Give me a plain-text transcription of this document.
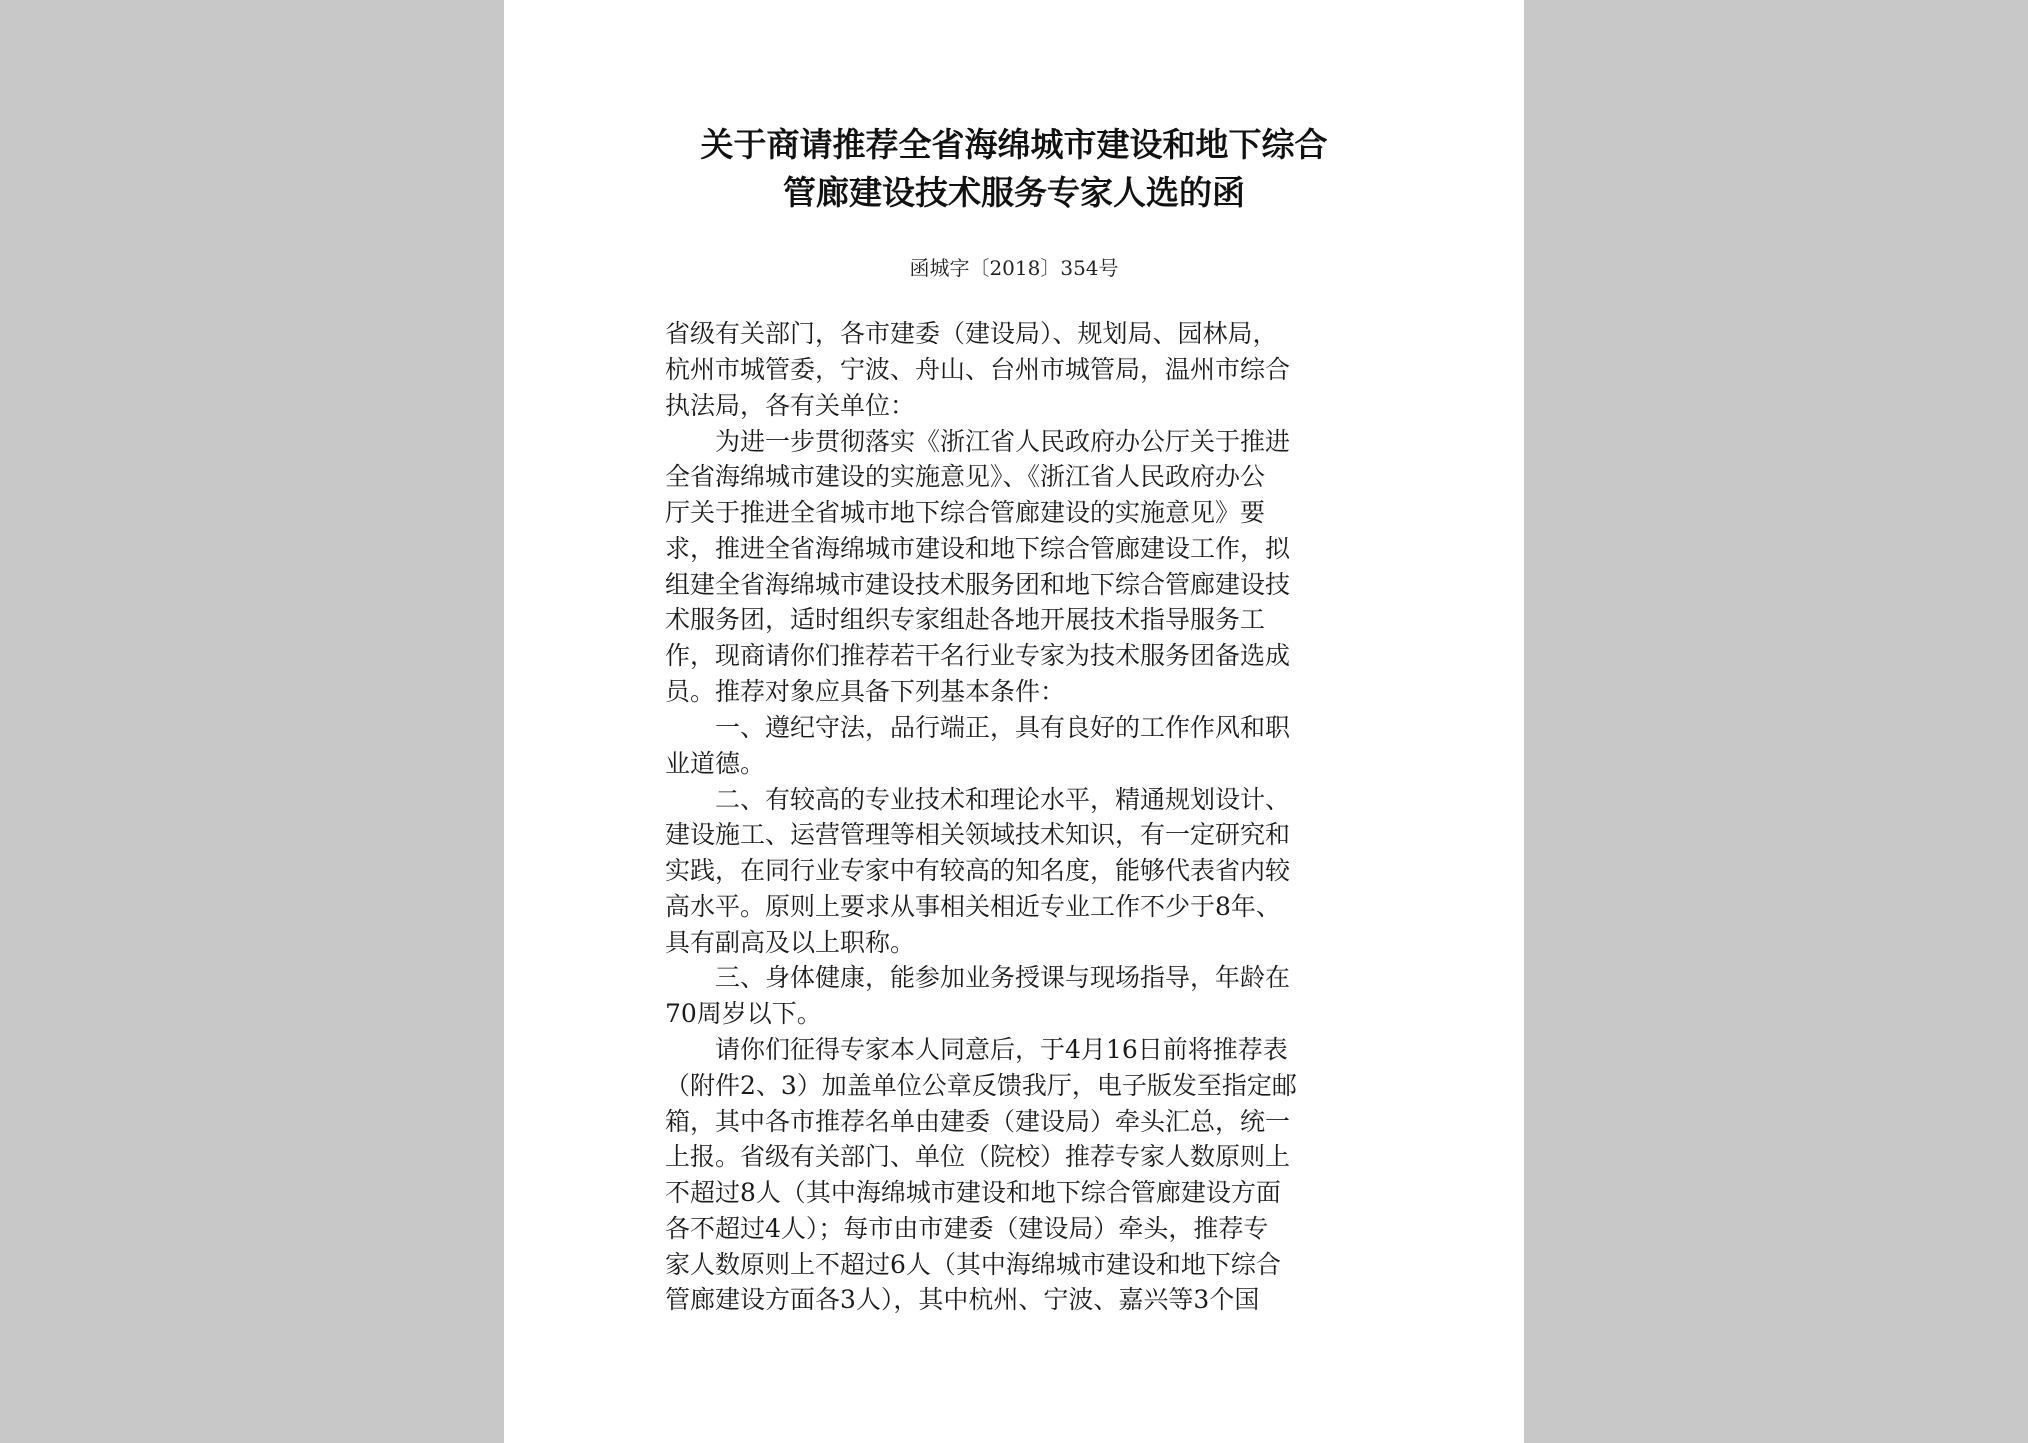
关于商请推荐全省海绵城市建设和地下综合
管廊建设技术服务专家人选的函
函城字〔2018〕354号
省级有关部门，各市建委（建设局）、规划局、园林局，
杭州市城管委，宁波、舟山、台州市城管局，温州市综合
执法局，各有关单位：
　　为进一步贯彻落实《浙江省人民政府办公厅关于推进
全省海绵城市建设的实施意见》、《浙江省人民政府办公
厅关于推进全省城市地下综合管廊建设的实施意见》要
求，推进全省海绵城市建设和地下综合管廊建设工作，拟
组建全省海绵城市建设技术服务团和地下综合管廊建设技
术服务团，适时组织专家组赴各地开展技术指导服务工
作，现商请你们推荐若干名行业专家为技术服务团备选成
员。推荐对象应具备下列基本条件：
　　一、遵纪守法，品行端正，具有良好的工作作风和职
业道德。
　　二、有较高的专业技术和理论水平，精通规划设计、
建设施工、运营管理等相关领域技术知识，有一定研究和
实践，在同行业专家中有较高的知名度，能够代表省内较
高水平。原则上要求从事相关相近专业工作不少于8年、
具有副高及以上职称。
　　三、身体健康，能参加业务授课与现场指导，年龄在
70周岁以下。
　　请你们征得专家本人同意后，于4月16日前将推荐表
（附件2、3）加盖单位公章反馈我厅，电子版发至指定邮
箱，其中各市推荐名单由建委（建设局）牵头汇总，统一
上报。省级有关部门、单位（院校）推荐专家人数原则上
不超过8人（其中海绵城市建设和地下综合管廊建设方面
各不超过4人）；每市由市建委（建设局）牵头，推荐专
家人数原则上不超过6人（其中海绵城市建设和地下综合
管廊建设方面各3人），其中杭州、宁波、嘉兴等3个国
